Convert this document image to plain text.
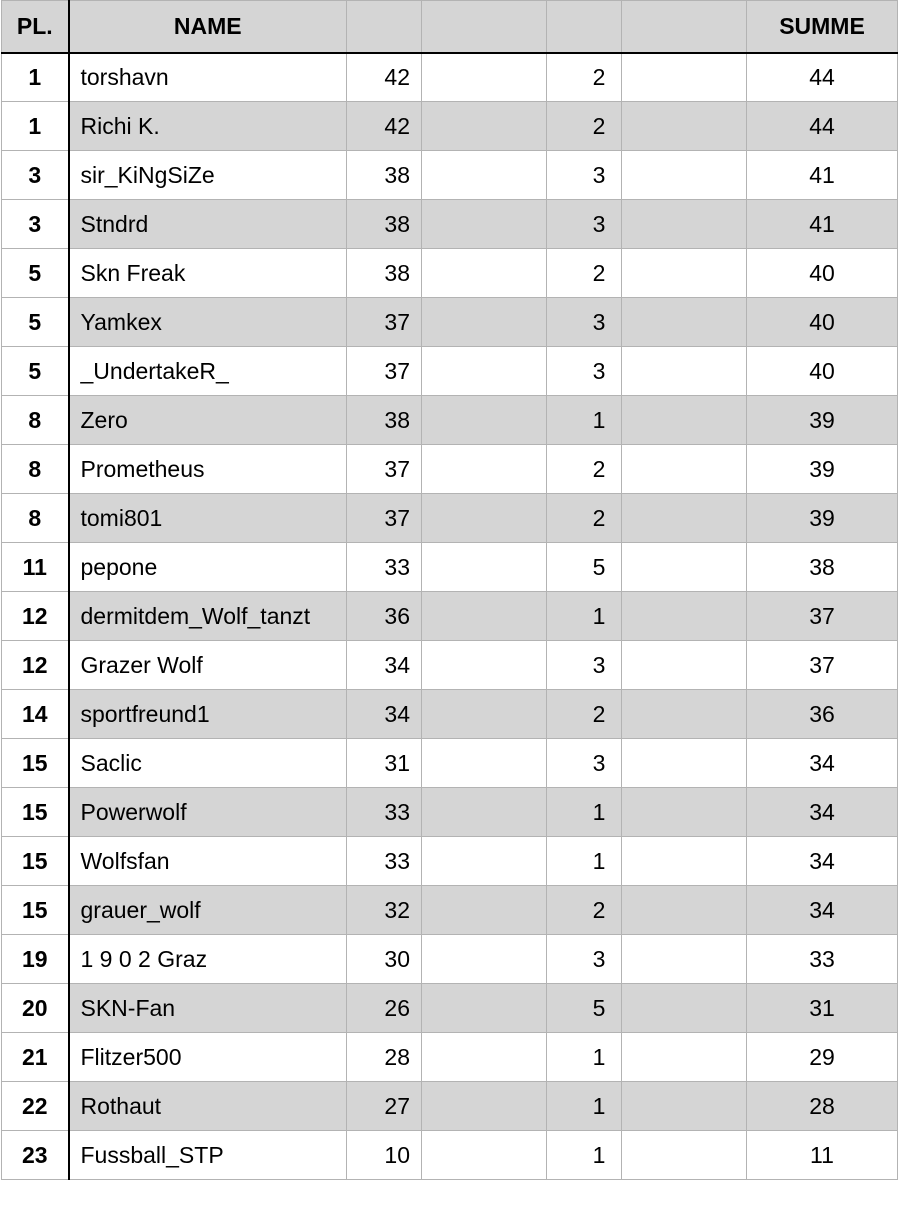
PL.	NAME					SUMME
1	torshavn	42		2		44
1	Richi K.	42		2		44
3	sir_KiNgSiZe	38		3		41
3	Stndrd	38		3		41
5	Skn Freak	38		2		40
5	Yamkex	37		3		40
5	_UndertakeR_	37		3		40
8	Zero	38		1		39
8	Prometheus	37		2		39
8	tomi801	37		2		39
11	pepone	33		5		38
12	dermitdem_Wolf_tanzt	36		1		37
12	Grazer Wolf	34		3		37
14	sportfreund1	34		2		36
15	Saclic	31		3		34
15	Powerwolf	33		1		34
15	Wolfsfan	33		1		34
15	grauer_wolf	32		2		34
19	1 9 0 2 Graz	30		3		33
20	SKN-Fan	26		5		31
21	Flitzer500	28		1		29
22	Rothaut	27		1		28
23	Fussball_STP	10		1		11
